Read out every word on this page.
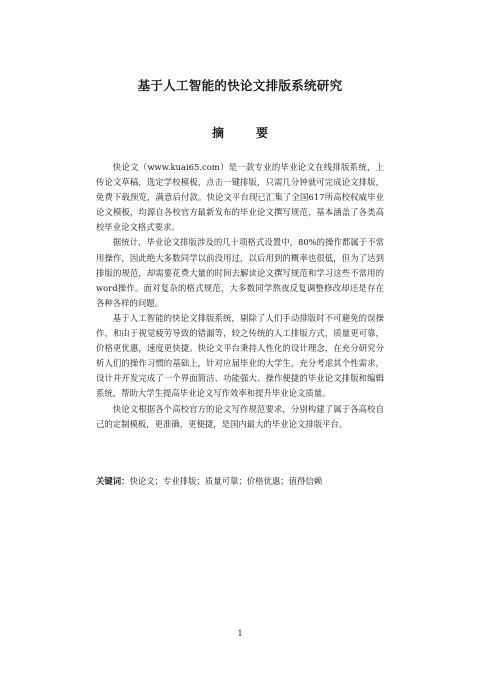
基于人工智能的快论文排版系统研究
摘　要

快论文（www.kuai65.com）是一款专业的毕业论文在线排版系统，上传论文草稿，选定学校模板，点击一键排版，只需几分钟就可完成论文排版，免费下载预览，满意后付款。快论文平台现已汇集了全国617所高校权威毕业论文模板，均源自各校官方最新发布的毕业论文撰写规范，基本涵盖了各类高校毕业论文格式要求。

据统计，毕业论文排版涉及的几十项格式设置中，80%的操作都属于不常用操作，因此绝大多数同学以前没用过，以后用到的概率也很低，但为了达到排版的规范，却需要花费大量的时间去解读论文撰写规范和学习这些不常用的word操作。面对复杂的格式规范，大多数同学熬夜反复调整修改却还是存在各种各样的问题。

基于人工智能的快论文排版系统，剔除了人们手动排版时不可避免的误操作，和由于视觉疲劳导致的错漏等，较之传统的人工排版方式，质量更可靠，价格更优惠，速度更快捷。快论文平台秉持人性化的设计理念，在充分研究分析人们的操作习惯的基础上，针对应届毕业的大学生，充分考虑其个性需求，设计并开发完成了一个界面简洁、功能强大、操作便捷的毕业论文排版和编辑系统，帮助大学生提高毕业论文写作效率和提升毕业论文质量。

快论文根据各个高校官方的论文写作规范要求，分别构建了属于各高校自己的定制模板，更准确，更便捷，是国内最大的毕业论文排版平台。

关键词：快论文；专业排版；质量可靠；价格优惠；值得信赖
1
